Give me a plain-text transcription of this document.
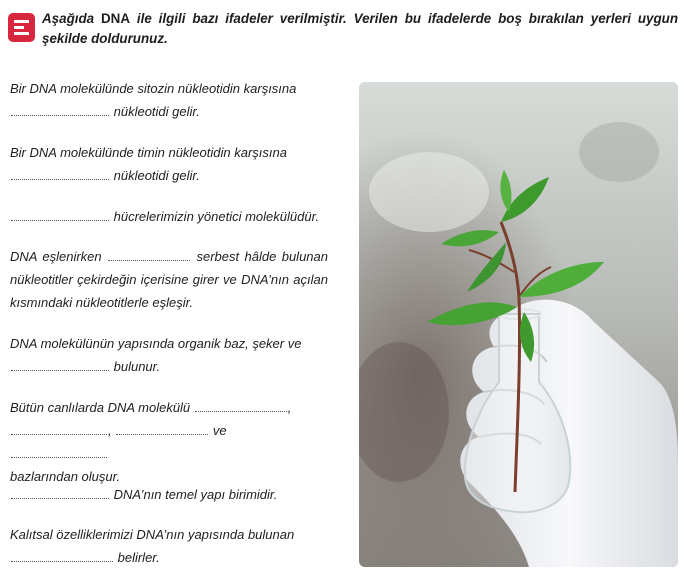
Aşağıda DNA ile ilgili bazı ifadeler verilmiştir. Verilen bu ifadelerde boş bırakılan yerleri uygun şekilde doldurunuz.
Bir DNA molekülünde sitozin nükleotidin karşısına
nükleotidi gelir.
Bir DNA molekülünde timin nükleotidin karşısına
nükleotidi gelir.
hücrelerimizin yönetici molekülüdür.
DNA eşlenirken	serbest hâlde bulunan nükleotitler çekirdeğin içerisine girer ve DNA’nın açılan kısmındaki nükleotitlerle eşleşir.
DNA molekülünün yapısında organik baz, şeker ve
bulunur.
Bütün canlılarda DNA molekülü	,
,	ve
bazlarından oluşur.
DNA’nın temel yapı birimidir.
Kalıtsal özelliklerimizi DNA’nın yapısında bulunan
belirler.
